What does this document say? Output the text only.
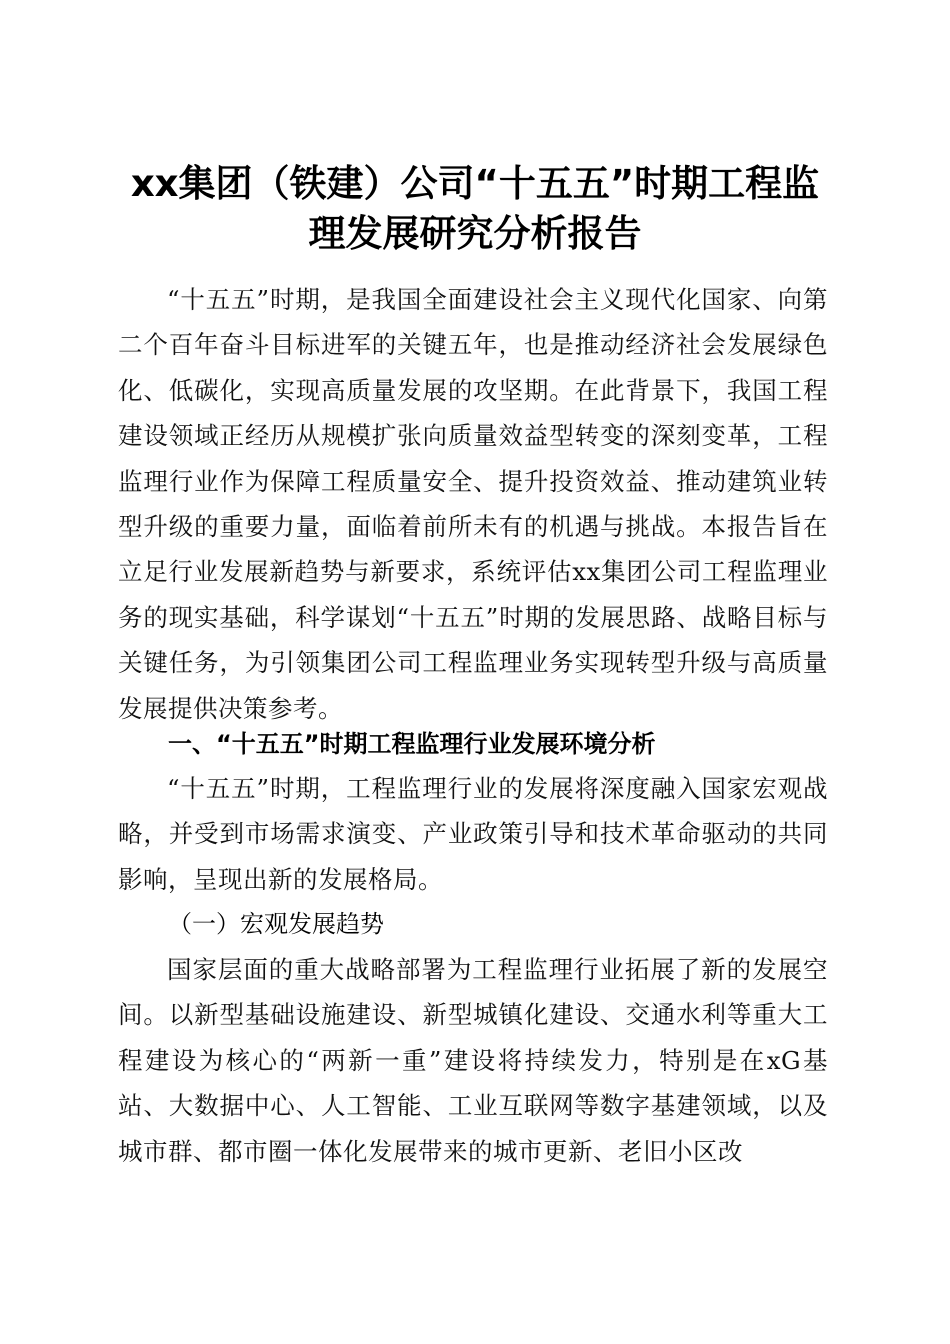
xx集团（铁建）公司“十五五”时期工程监
理发展研究分析报告

“十五五”时期，是我国全面建设社会主义现代化国家、向第二个百年奋斗目标进军的关键五年，也是推动经济社会发展绿色化、低碳化，实现高质量发展的攻坚期。在此背景下，我国工程建设领域正经历从规模扩张向质量效益型转变的深刻变革，工程监理行业作为保障工程质量安全、提升投资效益、推动建筑业转型升级的重要力量，面临着前所未有的机遇与挑战。本报告旨在立足行业发展新趋势与新要求，系统评估xx集团公司工程监理业务的现实基础，科学谋划“十五五”时期的发展思路、战略目标与关键任务，为引领集团公司工程监理业务实现转型升级与高质量发展提供决策参考。

一、“十五五”时期工程监理行业发展环境分析

“十五五”时期，工程监理行业的发展将深度融入国家宏观战略，并受到市场需求演变、产业政策引导和技术革命驱动的共同影响，呈现出新的发展格局。

（一）宏观发展趋势

国家层面的重大战略部署为工程监理行业拓展了新的发展空间。以新型基础设施建设、新型城镇化建设、交通水利等重大工程建设为核心的“两新一重”建设将持续发力，特别是在xG基站、大数据中心、人工智能、工业互联网等数字基建领域，以及城市群、都市圈一体化发展带来的城市更新、老旧小区改
